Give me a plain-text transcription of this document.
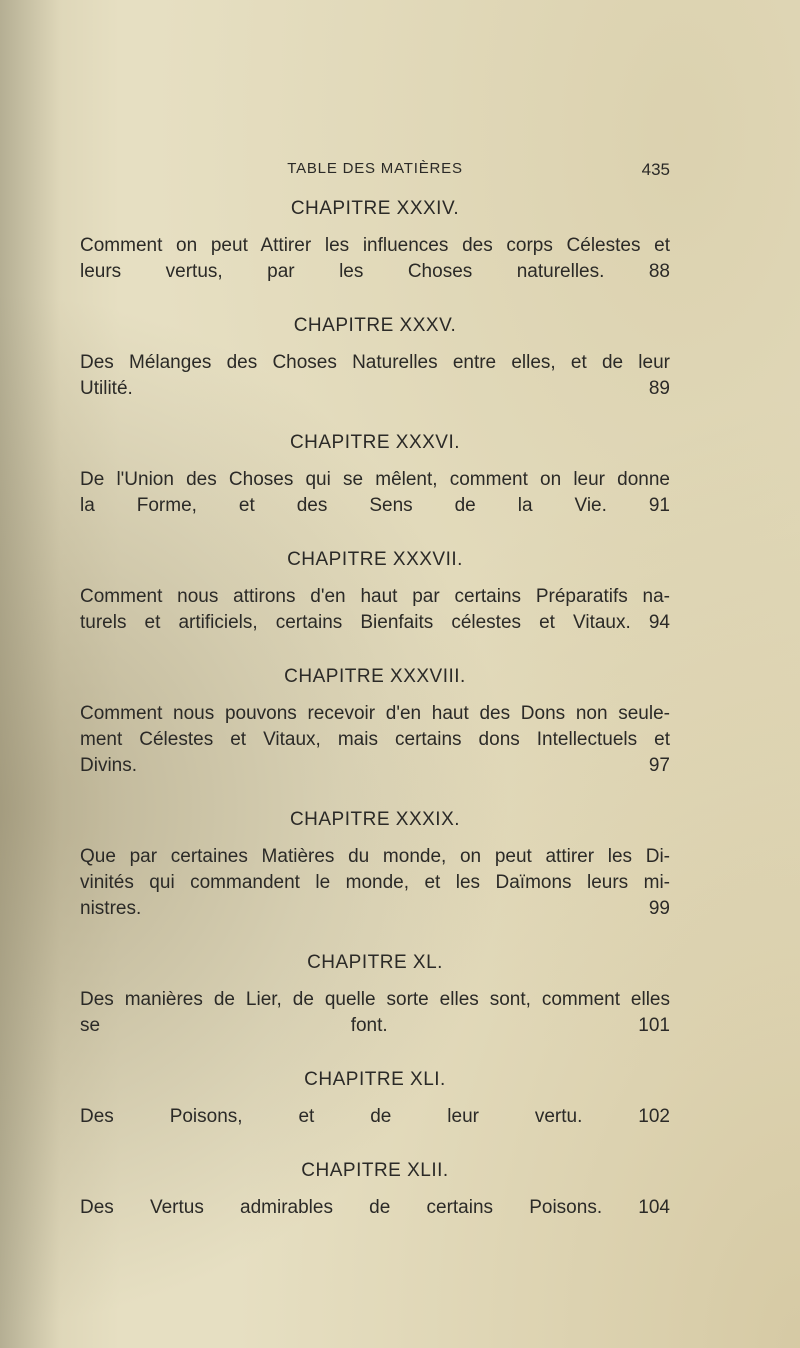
TABLE DES MATIÈRES	435
CHAPITRE XXXIV.

Comment on peut Attirer les influences des corps Célestes et
leurs vertus, par les Choses naturelles. 88

CHAPITRE XXXV.

Des Mélanges des Choses Naturelles entre elles, et de leur
Utilité. 89

CHAPITRE XXXVI.

De l'Union des Choses qui se mêlent, comment on leur donne
la Forme, et des Sens de la Vie. 91

CHAPITRE XXXVII.

Comment nous attirons d'en haut par certains Préparatifs na-
turels et artificiels, certains Bienfaits célestes et Vitaux. 94

CHAPITRE XXXVIII.

Comment nous pouvons recevoir d'en haut des Dons non seule-
ment Célestes et Vitaux, mais certains dons Intellectuels et
Divins. 97

CHAPITRE XXXIX.

Que par certaines Matières du monde, on peut attirer les Di-
vinités qui commandent le monde, et les Daïmons leurs mi-
nistres. 99

CHAPITRE XL.

Des manières de Lier, de quelle sorte elles sont, comment elles
se font. 101

CHAPITRE XLI.

Des Poisons, et de leur vertu. 102

CHAPITRE XLII.

Des Vertus admirables de certains Poisons. 104
